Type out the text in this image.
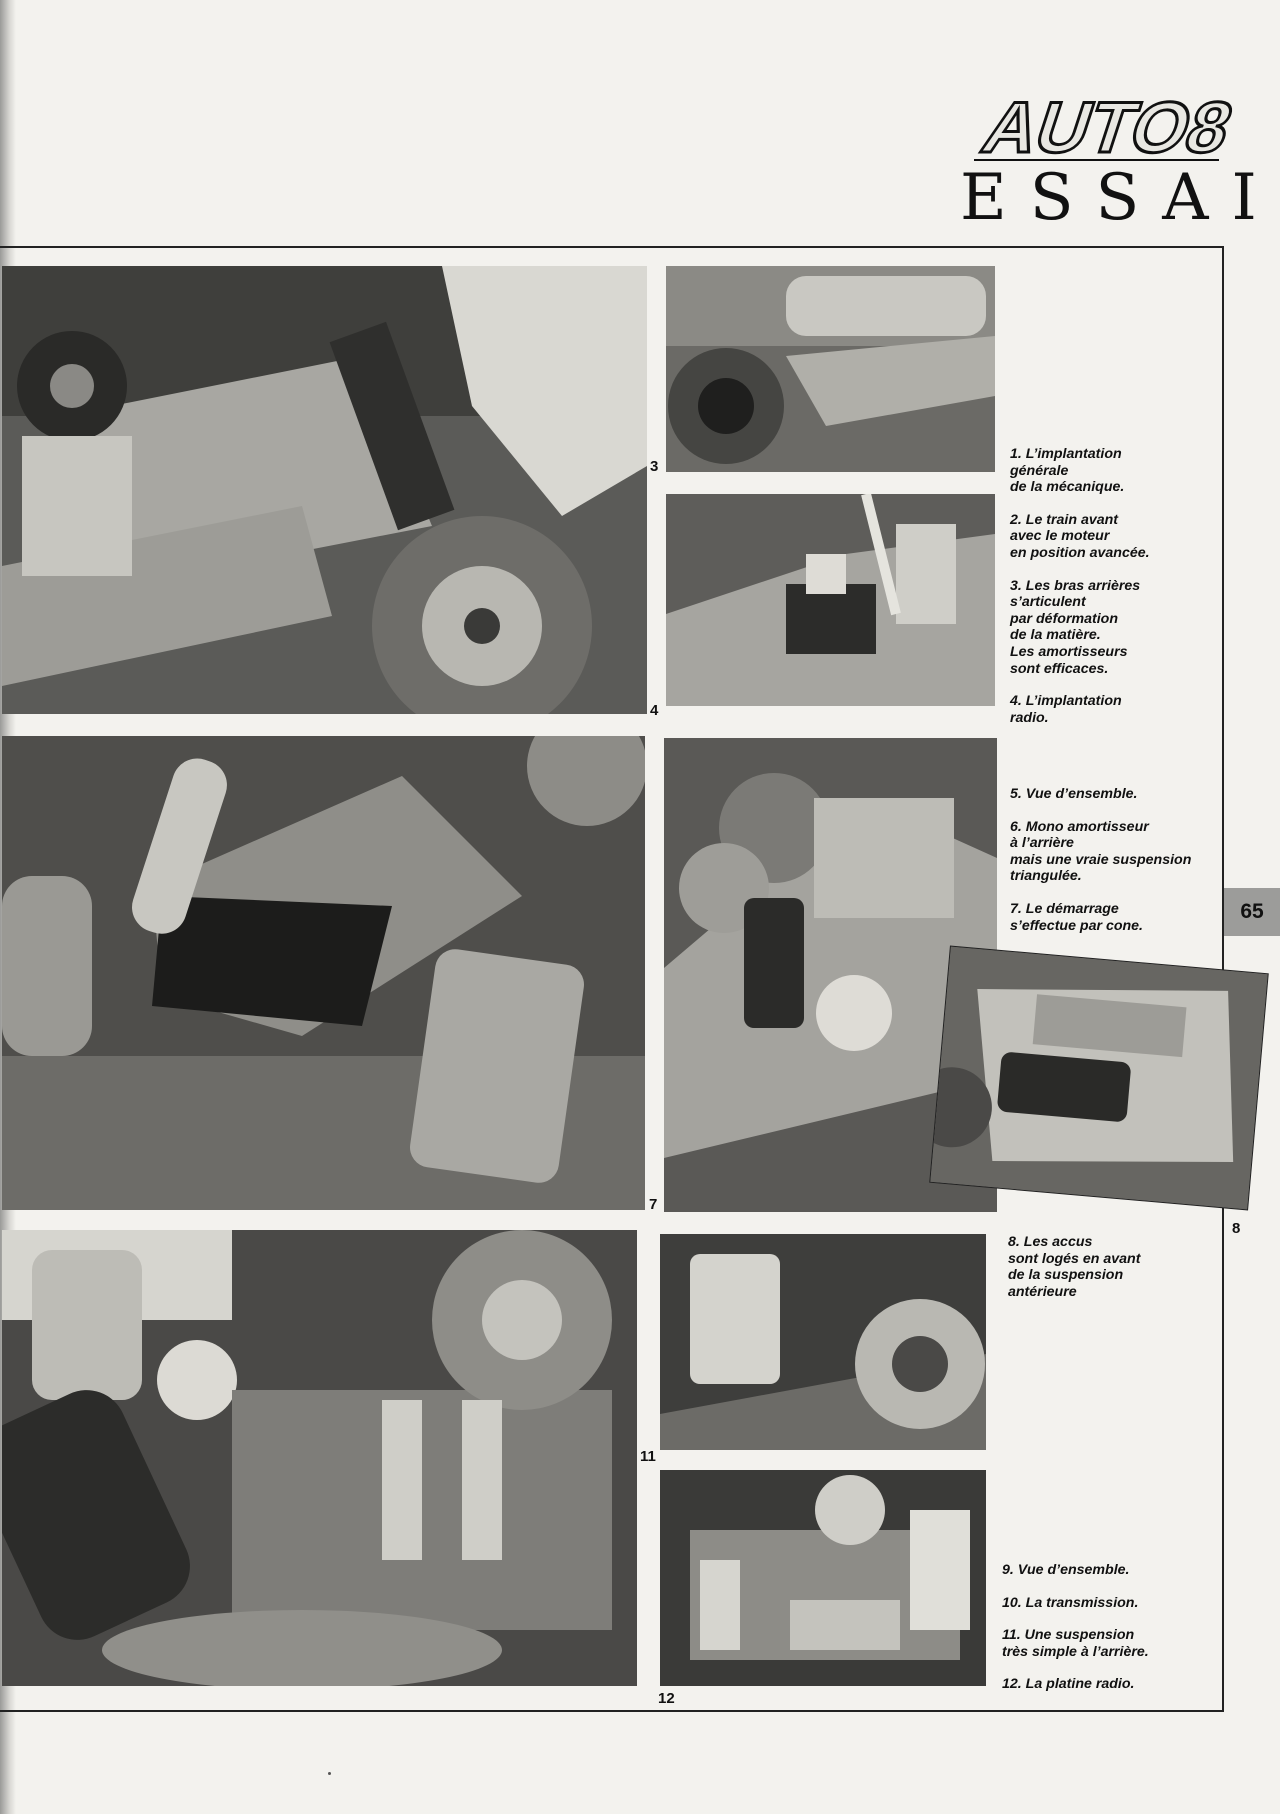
AUTO8
ESSAI
3
4
1. L’implantation
générale
de la mécanique.
2. Le train avant
avec le moteur
en position avancée.
3. Les bras arrières
s’articulent
par déformation
de la matière.
Les amortisseurs
sont efficaces.
4. L’implantation
radio.
7
8
5. Vue d’ensemble.
6. Mono amortisseur
à l’arrière
mais une vraie suspension
triangulée.
7. Le démarrage
s’effectue par cone.
8. Les accus
sont logés en avant
de la suspension
antérieure
11
12
9. Vue d’ensemble.
10. La transmission.
11. Une suspension
très simple à l’arrière.
12. La platine radio.
65
